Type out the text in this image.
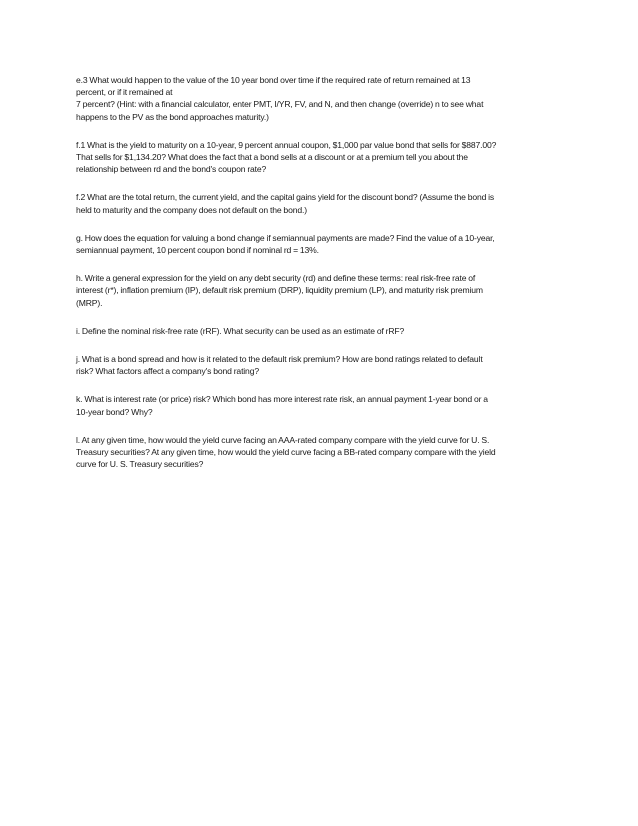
e.3 What would happen to the value of the 10 year bond over time if the required rate of return remained at 13
percent, or if it remained at
7 percent? (Hint: with a financial calculator, enter PMT, I/YR, FV, and N, and then change (override) n to see what
happens to the PV as the bond approaches maturity.)

f.1 What is the yield to maturity on a 10-year, 9 percent annual coupon, $1,000 par value bond that sells for $887.00?
That sells for $1,134.20? What does the fact that a bond sells at a discount or at a premium tell you about the
relationship between rd and the bond's coupon rate?

f.2 What are the total return, the current yield, and the capital gains yield for the discount bond? (Assume the bond is
held to maturity and the company does not default on the bond.)

g. How does the equation for valuing a bond change if semiannual payments are made? Find the value of a 10-year,
semiannual payment, 10 percent coupon bond if nominal rd = 13%.

h. Write a general expression for the yield on any debt security (rd) and define these terms: real risk-free rate of
interest (r*), inflation premium (IP), default risk premium (DRP), liquidity premium (LP), and maturity risk premium
(MRP).

i. Define the nominal risk-free rate (rRF). What security can be used as an estimate of rRF?

j. What is a bond spread and how is it related to the default risk premium? How are bond ratings related to default
risk? What factors affect a company's bond rating?

k. What is interest rate (or price) risk? Which bond has more interest rate risk, an annual payment 1-year bond or a
10-year bond? Why?

l. At any given time, how would the yield curve facing an AAA-rated company compare with the yield curve for U. S.
Treasury securities? At any given time, how would the yield curve facing a BB-rated company compare with the yield
curve for U. S. Treasury securities?
